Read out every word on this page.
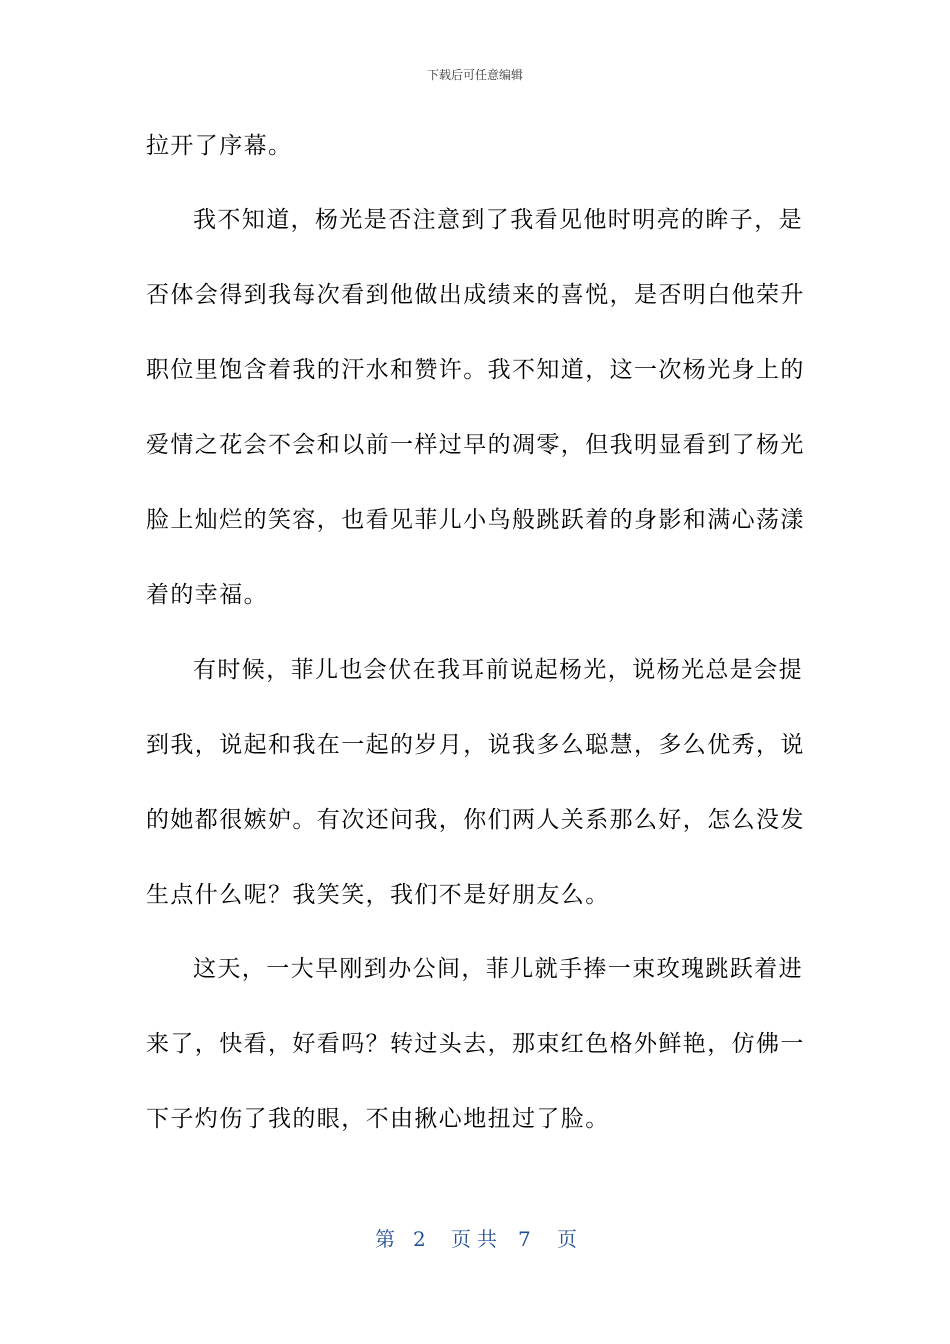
下载后可任意编辑
拉开了序幕。
我不知道，杨光是否注意到了我看见他时明亮的眸子，是
否体会得到我每次看到他做出成绩来的喜悦，是否明白他荣升
职位里饱含着我的汗水和赞许。我不知道，这一次杨光身上的
爱情之花会不会和以前一样过早的凋零，但我明显看到了杨光
脸上灿烂的笑容，也看见菲儿小鸟般跳跃着的身影和满心荡漾
着的幸福。
有时候，菲儿也会伏在我耳前说起杨光，说杨光总是会提
到我，说起和我在一起的岁月，说我多么聪慧，多么优秀，说
的她都很嫉妒。有次还问我，你们两人关系那么好，怎么没发
生点什么呢？我笑笑，我们不是好朋友么。
这天，一大早刚到办公间，菲儿就手捧一束玫瑰跳跃着进
来了，快看，好看吗？转过头去，那束红色格外鲜艳，仿佛一
下子灼伤了我的眼，不由揪心地扭过了脸。
第 2 页共 7 页
